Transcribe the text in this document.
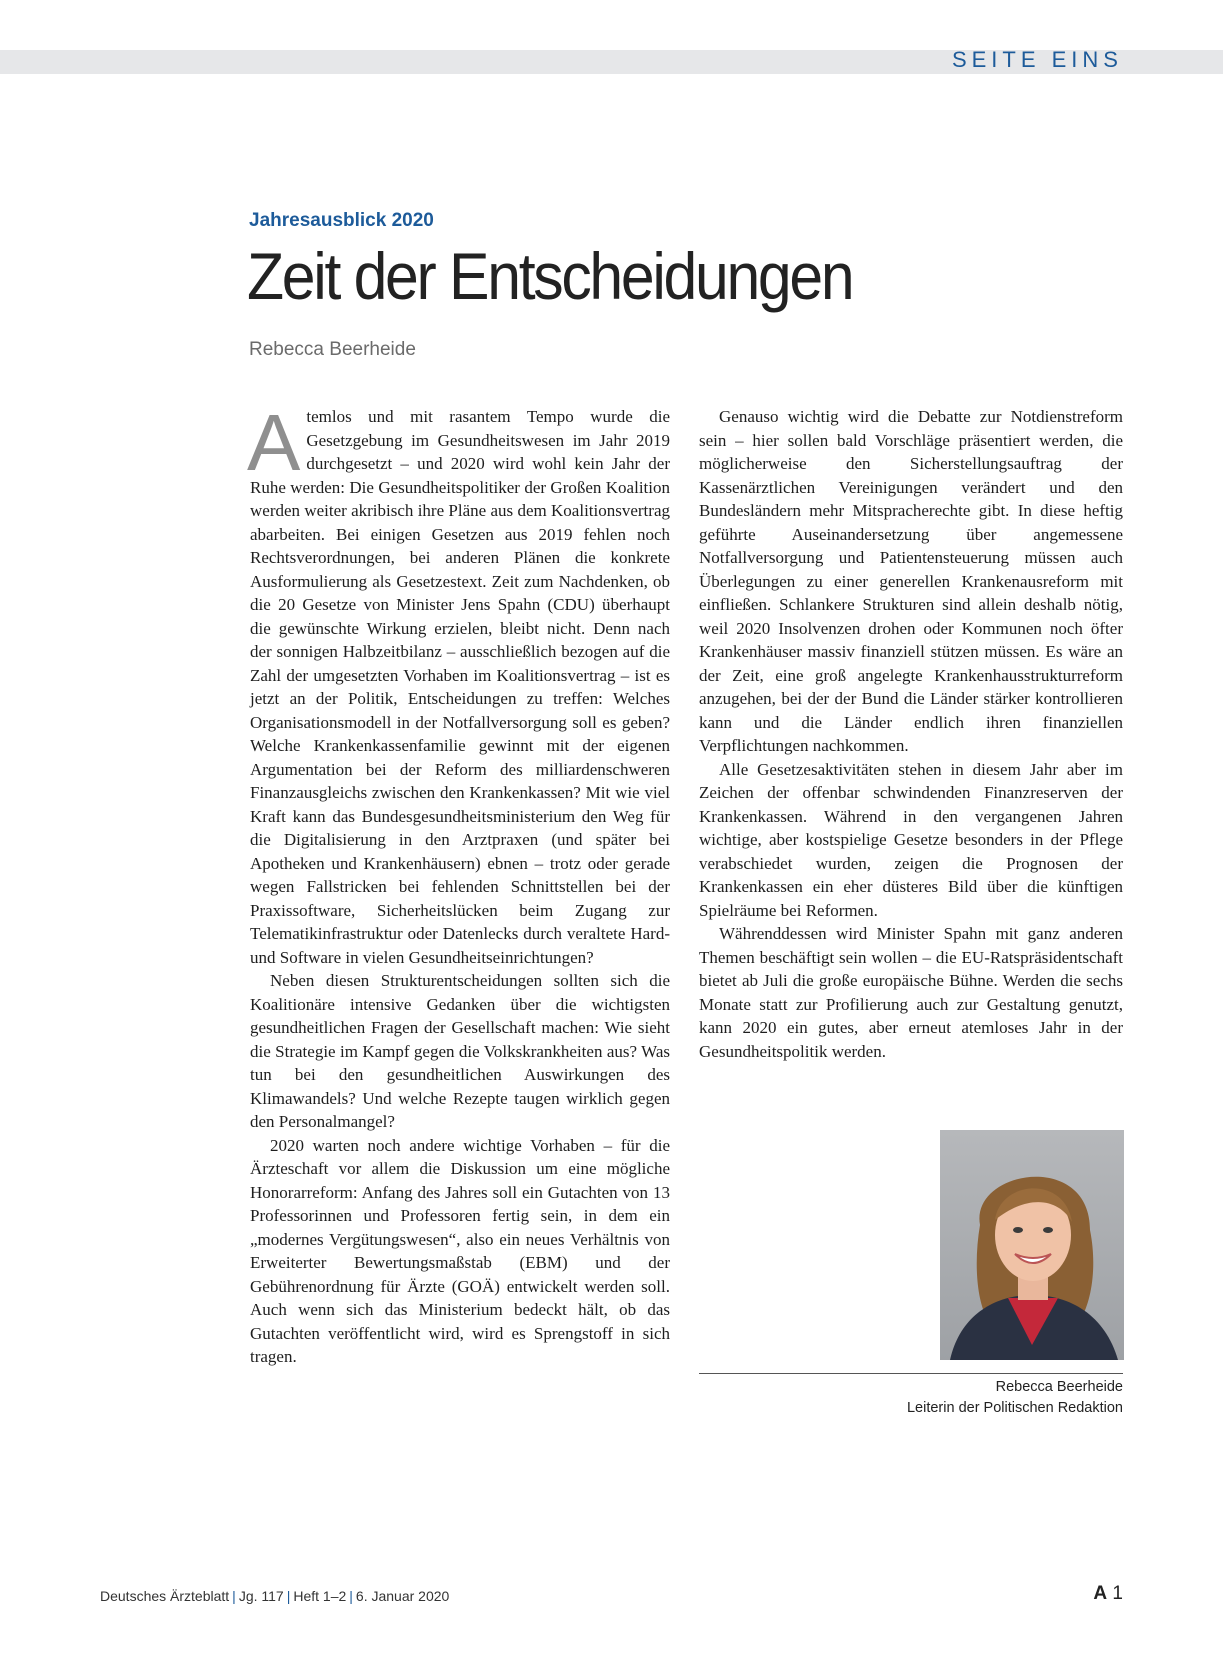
SEITE EINS
Jahresausblick 2020
Zeit der Entscheidungen
Rebecca Beerheide

Atemlos und mit rasantem Tempo wurde die Gesetzgebung im Gesundheitswesen im Jahr 2019 durchgesetzt – und 2020 wird wohl kein Jahr der Ruhe werden: Die Gesundheitspolitiker der Großen Koalition werden weiter akribisch ihre Pläne aus dem Koalitionsvertrag abarbeiten. Bei einigen Gesetzen aus 2019 fehlen noch Rechtsverordnungen, bei anderen Plänen die konkrete Ausformulierung als Gesetzestext. Zeit zum Nachdenken, ob die 20 Gesetze von Minister Jens Spahn (CDU) überhaupt die gewünschte Wirkung erzielen, bleibt nicht. Denn nach der sonnigen Halbzeitbilanz – ausschließlich bezogen auf die Zahl der umgesetzten Vorhaben im Koalitionsvertrag – ist es jetzt an der Politik, Entscheidungen zu treffen: Welches Organisationsmodell in der Notfallversorgung soll es geben? Welche Krankenkassenfamilie gewinnt mit der eigenen Argumentation bei der Reform des milliardenschweren Finanzausgleichs zwischen den Krankenkassen? Mit wie viel Kraft kann das Bundesgesundheitsministerium den Weg für die Digitalisierung in den Arztpraxen (und später bei Apotheken und Krankenhäusern) ebnen – trotz oder gerade wegen Fallstricken bei fehlenden Schnittstellen bei der Praxissoftware, Sicherheitslücken beim Zugang zur Telematikinfrastruktur oder Datenlecks durch veraltete Hard- und Software in vielen Gesundheitseinrichtungen?

Neben diesen Strukturentscheidungen sollten sich die Koalitionäre intensive Gedanken über die wichtigsten gesundheitlichen Fragen der Gesellschaft machen: Wie sieht die Strategie im Kampf gegen die Volkskrankheiten aus? Was tun bei den gesundheitlichen Auswirkungen des Klimawandels? Und welche Rezepte taugen wirklich gegen den Personalmangel?

2020 warten noch andere wichtige Vorhaben – für die Ärzteschaft vor allem die Diskussion um eine mögliche Honorarreform: Anfang des Jahres soll ein Gutachten von 13 Professorinnen und Professoren fertig sein, in dem ein „modernes Vergütungswesen“, also ein neues Verhältnis von Erweiterter Bewertungsmaßstab (EBM) und der Gebührenordnung für Ärzte (GOÄ) entwickelt werden soll. Auch wenn sich das Ministerium bedeckt hält, ob das Gutachten veröffentlicht wird, wird es Sprengstoff in sich tragen.

Genauso wichtig wird die Debatte zur Notdienstreform sein – hier sollen bald Vorschläge präsentiert werden, die möglicherweise den Sicherstellungsauftrag der Kassenärztlichen Vereinigungen verändert und den Bundesländern mehr Mitspracherechte gibt. In diese heftig geführte Auseinandersetzung über angemessene Notfallversorgung und Patientensteuerung müssen auch Überlegungen zu einer generellen Krankenausreform mit einfließen. Schlankere Strukturen sind allein deshalb nötig, weil 2020 Insolvenzen drohen oder Kommunen noch öfter Krankenhäuser massiv finanziell stützen müssen. Es wäre an der Zeit, eine groß angelegte Krankenhausstrukturreform anzugehen, bei der der Bund die Länder stärker kontrollieren kann und die Länder endlich ihren finanziellen Verpflichtungen nachkommen.

Alle Gesetzesaktivitäten stehen in diesem Jahr aber im Zeichen der offenbar schwindenden Finanzreserven der Krankenkassen. Während in den vergangenen Jahren wichtige, aber kostspielige Gesetze besonders in der Pflege verabschiedet wurden, zeigen die Prognosen der Krankenkassen ein eher düsteres Bild über die künftigen Spielräume bei Reformen.

Währenddessen wird Minister Spahn mit ganz anderen Themen beschäftigt sein wollen – die EU-Ratspräsidentschaft bietet ab Juli die große europäische Bühne. Werden die sechs Monate statt zur Profilierung auch zur Gestaltung genutzt, kann 2020 ein gutes, aber erneut atemloses Jahr in der Gesundheitspolitik werden.

Rebecca Beerheide
Leiterin der Politischen Redaktion
Deutsches Ärzteblatt | Jg. 117 | Heft 1–2 | 6. Januar 2020	A 1
